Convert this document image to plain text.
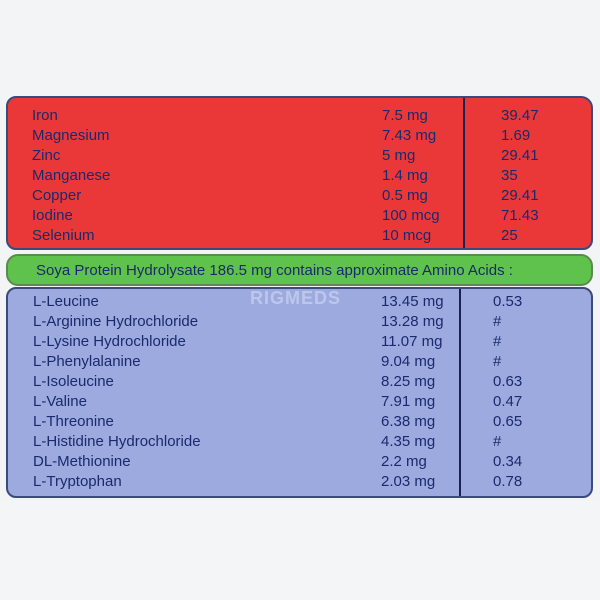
Iron	7.5 mg	39.47
Magnesium	7.43 mg	1.69
Zinc	5 mg	29.41
Manganese	1.4 mg	35
Copper	0.5 mg	29.41
Iodine	100 mcg	71.43
Selenium	10 mcg	25
Soya Protein Hydrolysate 186.5 mg contains approximate Amino Acids :
L-Leucine	13.45 mg	0.53
L-Arginine Hydrochloride	13.28 mg	#
L-Lysine Hydrochloride	11.07 mg	#
L-Phenylalanine	9.04 mg	#
L-Isoleucine	8.25 mg	0.63
L-Valine	7.91 mg	0.47
L-Threonine	6.38 mg	0.65
L-Histidine Hydrochloride	4.35 mg	#
DL-Methionine	2.2 mg	0.34
L-Tryptophan	2.03 mg	0.78
RIGMEDS
